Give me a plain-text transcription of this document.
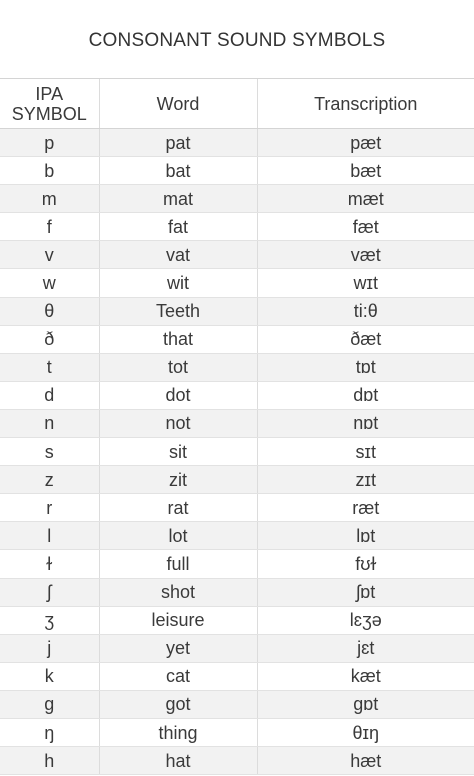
CONSONANT SOUND SYMBOLS
IPA
SYMBOL	Word	Transcription
p	pat	pæt
b	bat	bæt
m	mat	mæt
f	fat	fæt
v	vat	væt
w	wit	wɪt
θ	Teeth	ti:θ
ð	that	ðæt
t	tot	tɒt
d	dot	dɒt
n	not	nɒt
s	sit	sɪt
z	zit	zɪt
r	rat	ræt
l	lot	lɒt
ɫ	full	fʊɫ
ʃ	shot	ʃɒt
ʒ	leisure	lɛʒə
j	yet	jɛt
k	cat	kæt
g	got	gɒt
ŋ	thing	θɪŋ
h	hat	hæt
